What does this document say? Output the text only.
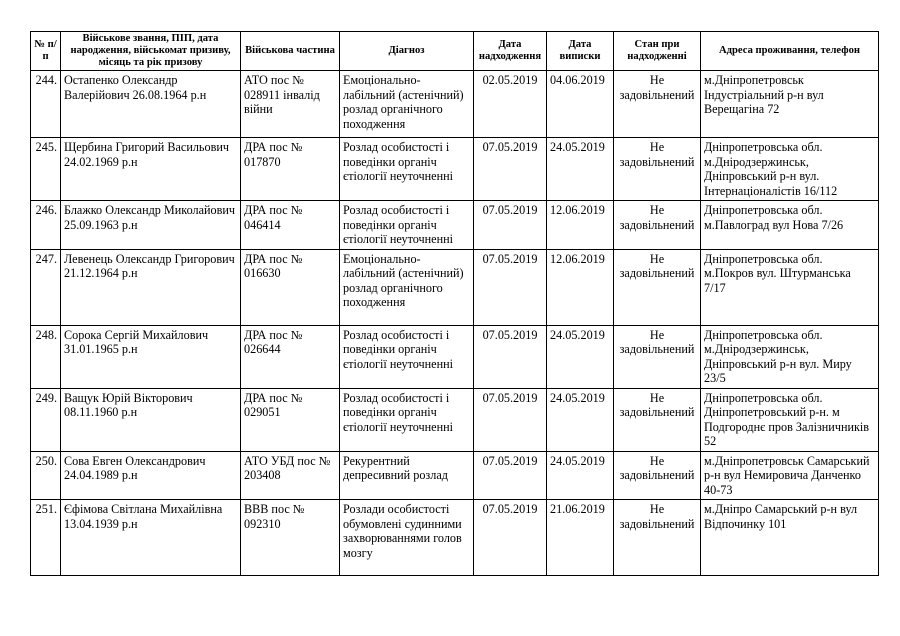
№ п/п	Військове звання, ПІП, дата народження, військомат призиву, місяць та рік призову	Військова частина	Діагноз	Дата надходження	Дата виписки	Стан при надходженні	Адреса проживання, телефон
244.	Остапенко Олександр Валерійович 26.08.1964 р.н	АТО пос № 028911 інвалід війни	Емоціонально-лабільний (астенічний) розлад органічного походження	02.05.2019	04.06.2019	Не задовільнений	м.Дніпропетровськ Індустріальний р-н вул Верещагіна 72
245.	Щербина Григорий Васильович 24.02.1969 р.н	ДРА пос № 017870	Розлад особистості і поведінки органіч єтіології неуточненні	07.05.2019	24.05.2019	Не задовільнений	Дніпропетровська обл. м.Дніродзержинськ, Дніпровський р-н вул. Інтернаціоналістів 16/112
246.	Блажко Олександр Миколайович 25.09.1963 р.н	ДРА пос № 046414	Розлад особистості і поведінки органіч єтіології неуточненні	07.05.2019	12.06.2019	Не задовільнений	Дніпропетровська обл. м.Павлоград вул Нова 7/26
247.	Левенець Олександр Григорович 21.12.1964 р.н	ДРА пос № 016630	Емоціонально-лабільний (астенічний) розлад органічного походження	07.05.2019	12.06.2019	Не задовільнений	Дніпропетровська обл. м.Покров вул. Штурманська 7/17
248.	Сорока Сергій Михайлович 31.01.1965 р.н	ДРА пос № 026644	Розлад особистості і поведінки органіч єтіології неуточненні	07.05.2019	24.05.2019	Не задовільнений	Дніпропетровська обл. м.Дніродзержинськ, Дніпровський р-н вул. Миру 23/5
249.	Ващук Юрій Вікторович 08.11.1960 р.н	ДРА пос № 029051	Розлад особистості і поведінки органіч єтіології неуточненні	07.05.2019	24.05.2019	Не задовільнений	Дніпропетровська обл. Дніпропетровський р-н. м Подгороднє пров Залізничників 52
250.	Сова Евген Олександрович 24.04.1989 р.н	АТО УБД пос № 203408	Рекурентний депресивний розлад	07.05.2019	24.05.2019	Не задовільнений	м.Дніпропетровськ Самарський р-н вул Немировича Данченко 40-73
251.	Єфімова Світлана Михайлівна 13.04.1939 р.н	ВВВ пос № 092310	Розлади особистості обумовлені судинними захворюваннями голов мозгу	07.05.2019	21.06.2019	Не задовільнений	м.Дніпро Самарський р-н вул Відпочинку 101
